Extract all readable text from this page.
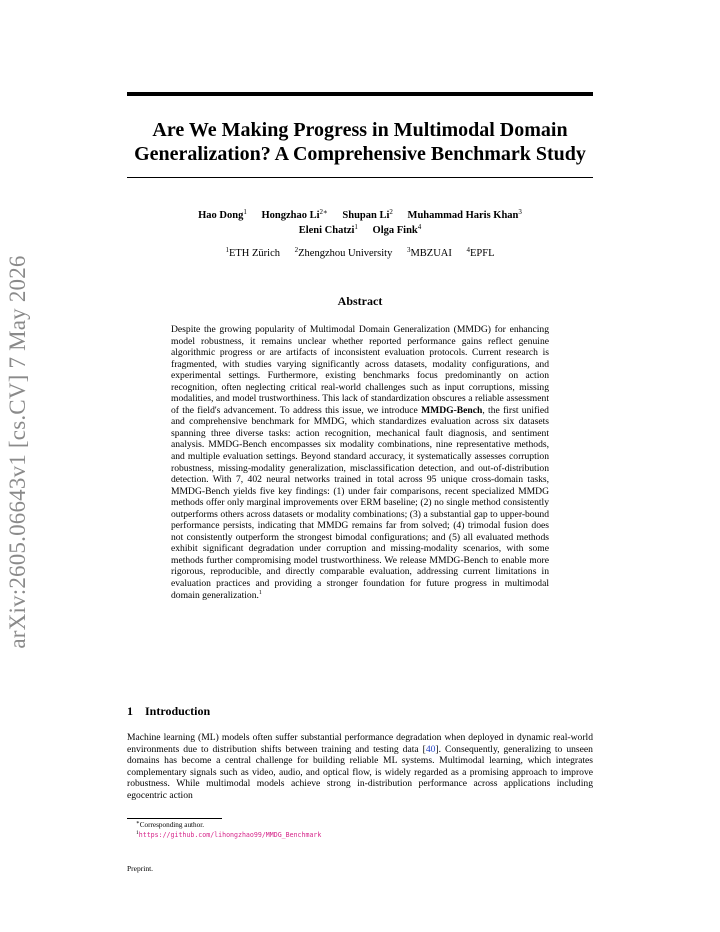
arXiv:2605.06643v1 [cs.CV] 7 May 2026
Are We Making Progress in Multimodal Domain
Generalization? A Comprehensive Benchmark Study
Hao Dong$^1$ Hongzhao $Li^{2∗}$ Shupan Li$^2$ Muhammad Haris Khan$^3$
Eleni Chatzi$^1$ Olga Fink$^4$
$^1$ETH Zürich $^2$Zhengzhou University $^3$MBZUAI $^4$EPFL
Abstract

Despite the growing popularity of Multimodal Domain Generalization (MMDG) for enhancing model robustness, it remains unclear whether reported performance gains reflect genuine algorithmic progress or are artifacts of inconsistent evaluation protocols. Current research is fragmented, with studies varying significantly across datasets, modality configurations, and experimental settings. Furthermore, existing benchmarks focus predominantly on action recognition, often neglecting critical real-world challenges such as input corruptions, missing modalities, and model trustworthiness. This lack of standardization obscures a reliable assessment of the field's advancement. To address this issue, we introduce MMDG-Bench, the first unified and comprehensive benchmark for MMDG, which standardizes evaluation across six datasets spanning three diverse tasks: action recognition, mechanical fault diagnosis, and sentiment analysis. MMDG-Bench encompasses six modality combinations, nine representative methods, and multiple evaluation settings. Beyond standard accuracy, it systematically assesses corruption robustness, missing-modality generalization, misclassification detection, and out-of-distribution detection. With 7, 402 neural networks trained in total across 95 unique cross-domain tasks, MMDG-Bench yields five key findings: (1) under fair comparisons, recent specialized MMDG methods offer only marginal improvements over ERM baseline; (2) no single method consistently outperforms others across datasets or modality combinations; (3) a substantial gap to upper-bound performance persists, indicating that MMDG remains far from solved; (4) trimodal fusion does not consistently outperform the strongest bimodal configurations; and (5) all evaluated methods exhibit significant degradation under corruption and missing-modality scenarios, with some methods further compromising model trustworthiness. We release MMDG-Bench to enable more rigorous, reproducible, and directly comparable evaluation, addressing current limitations in evaluation practices and providing a stronger foundation for future progress in multimodal domain generalization.$^1$

1 Introduction

Machine learning (ML) models often suffer substantial performance degradation when deployed in dynamic real-world environments due to distribution shifts between training and testing data [40]. Consequently, generalizing to unseen domains has become a central challenge for building reliable ML systems. Multimodal learning, which integrates complementary signals such as video, audio, and optical flow, is widely regarded as a promising approach to improve robustness. While multimodal models achieve strong in-distribution performance across applications including egocentric action

∗Corresponding author.
$^1$https://github.com/lihongzhao99/MMDG_Benchmark
Preprint.
